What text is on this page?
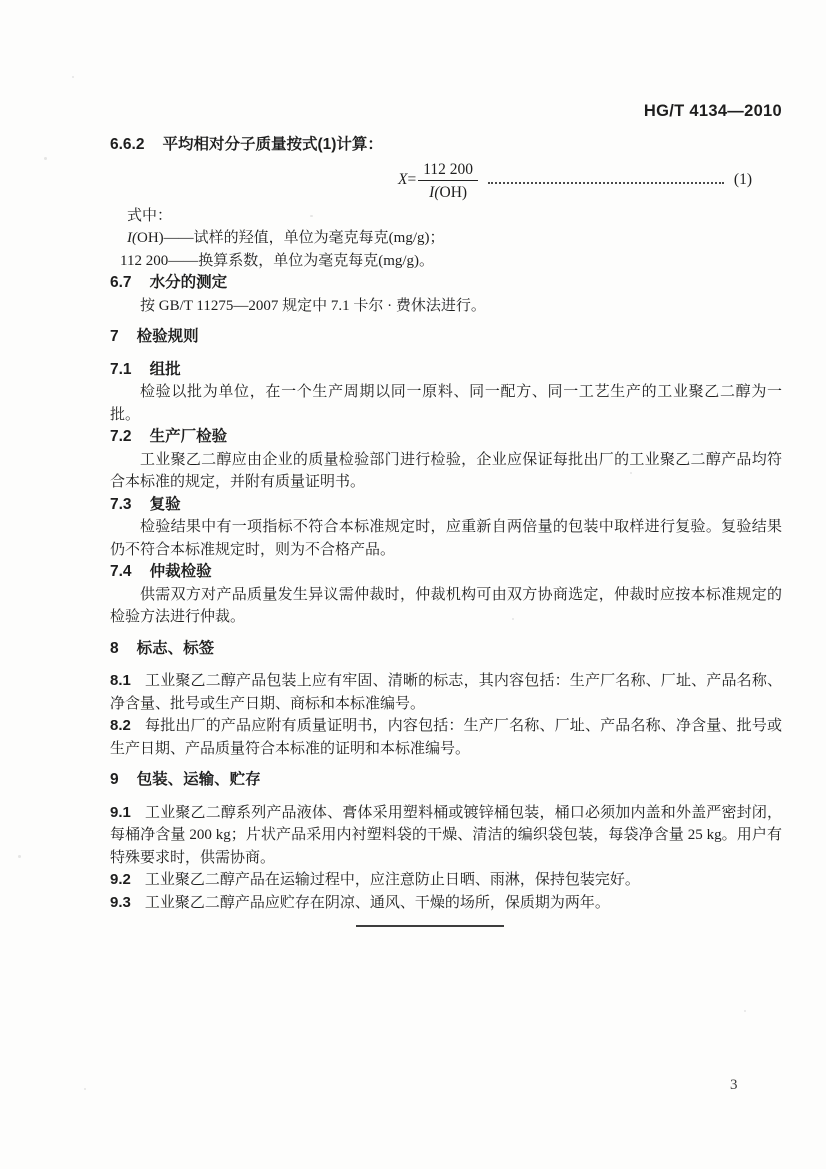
HG/T 4134—2010
6.6.2 平均相对分子质量按式(1)计算：
$X = \frac{112 200}{I(OH)}$	(1)

式中：

I(OH)——试样的羟值，单位为毫克每克(mg/g)；

112 200——换算系数，单位为毫克每克(mg/g)。

6.7 水分的测定

按 GB/T 11275—2007 规定中 7.1 卡尔 · 费休法进行。

7 检验规则
7.1 组批

检验以批为单位，在一个生产周期以同一原料、同一配方、同一工艺生产的工业聚乙二醇为一批。

7.2 生产厂检验

工业聚乙二醇应由企业的质量检验部门进行检验，企业应保证每批出厂的工业聚乙二醇产品均符合本标准的规定，并附有质量证明书。

7.3 复验

检验结果中有一项指标不符合本标准规定时，应重新自两倍量的包装中取样进行复验。复验结果仍不符合本标准规定时，则为不合格产品。

7.4 仲裁检验

供需双方对产品质量发生异议需仲裁时，仲裁机构可由双方协商选定，仲裁时应按本标准规定的检验方法进行仲裁。

8 标志、标签

8.1 工业聚乙二醇产品包装上应有牢固、清晰的标志，其内容包括：生产厂名称、厂址、产品名称、净含量、批号或生产日期、商标和本标准编号。

8.2 每批出厂的产品应附有质量证明书，内容包括：生产厂名称、厂址、产品名称、净含量、批号或生产日期、产品质量符合本标准的证明和本标准编号。

9 包装、运输、贮存

9.1 工业聚乙二醇系列产品液体、膏体采用塑料桶或镀锌桶包装，桶口必须加内盖和外盖严密封闭，每桶净含量 200 kg；片状产品采用内衬塑料袋的干燥、清洁的编织袋包装，每袋净含量 25 kg。用户有特殊要求时，供需协商。

9.2 工业聚乙二醇产品在运输过程中，应注意防止日晒、雨淋，保持包装完好。

9.3 工业聚乙二醇产品应贮存在阴凉、通风、干燥的场所，保质期为两年。

3
